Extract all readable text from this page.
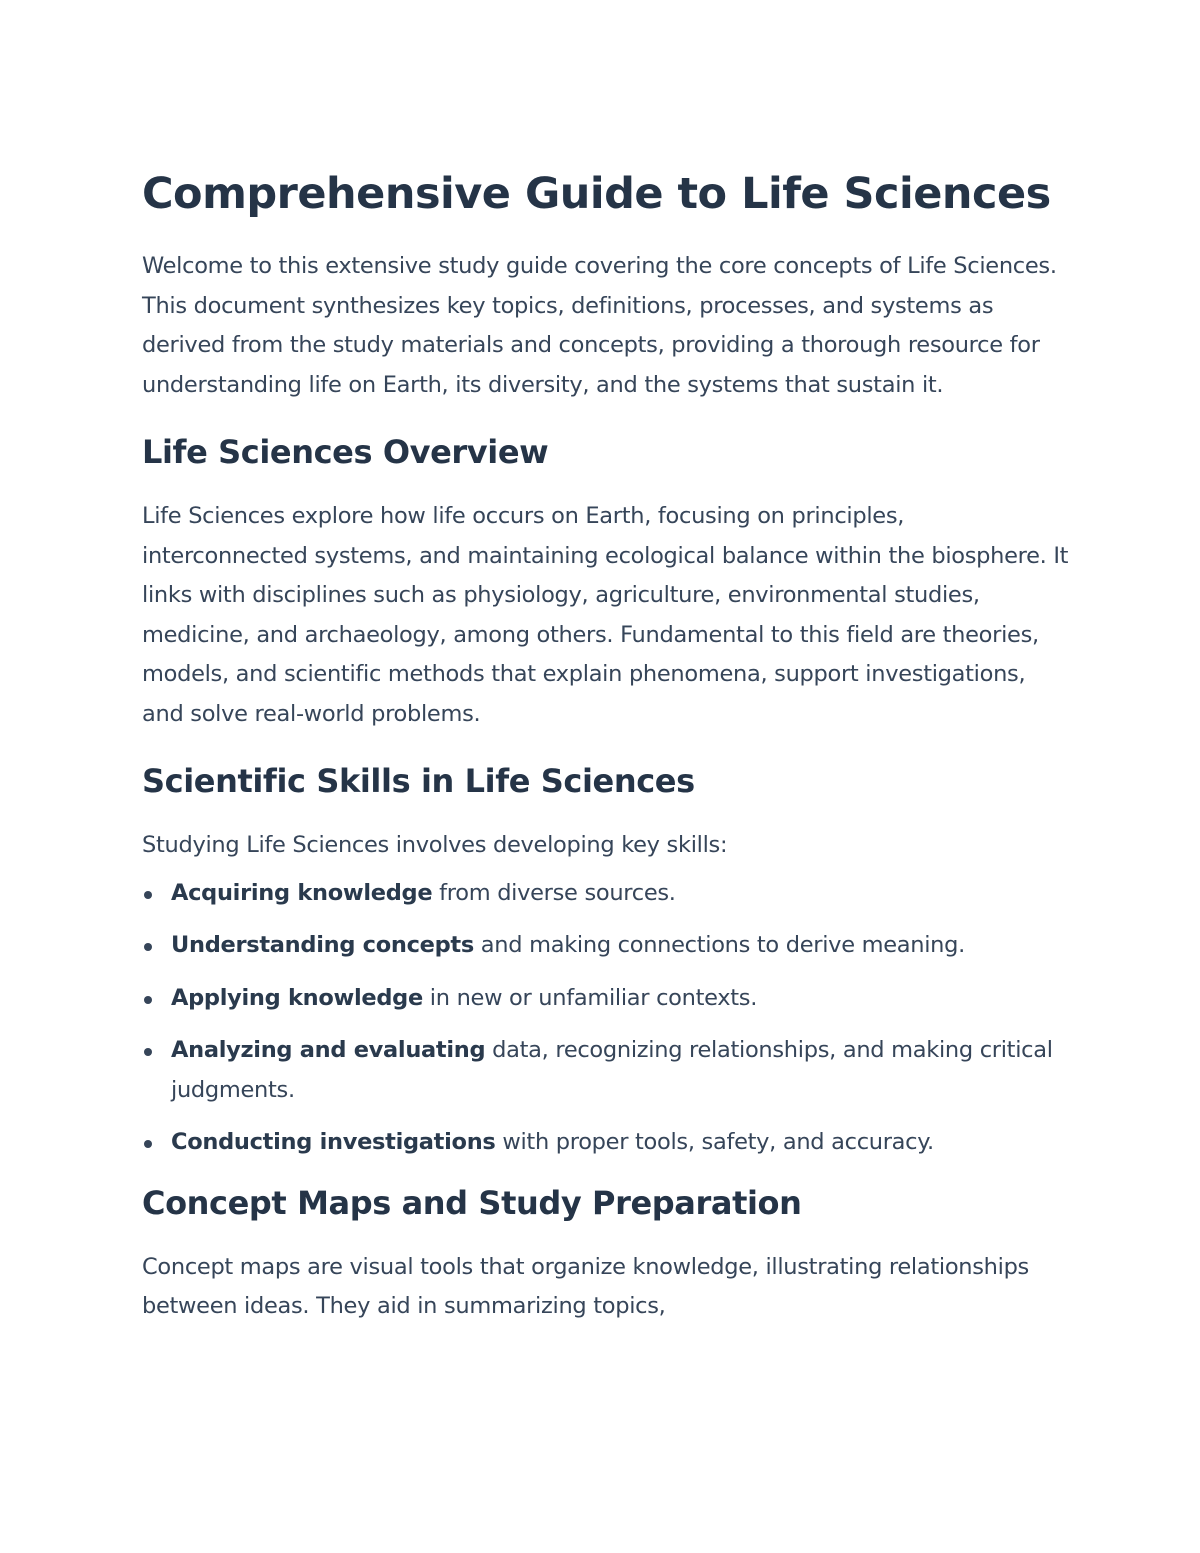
Comprehensive Guide to Life Sciences

Welcome to this extensive study guide covering the core concepts of Life Sciences. This document synthesizes key topics, definitions, processes, and systems as derived from the study materials and concepts, providing a thorough resource for understanding life on Earth, its diversity, and the systems that sustain it.

Life Sciences Overview

Life Sciences explore how life occurs on Earth, focusing on principles, interconnected systems, and maintaining ecological balance within the biosphere. It links with disciplines such as physiology, agriculture, environmental studies, medicine, and archaeology, among others. Fundamental to this field are theories, models, and scientific methods that explain phenomena, support investigations, and solve real-world problems.

Scientific Skills in Life Sciences

Studying Life Sciences involves developing key skills:

Acquiring knowledge from diverse sources.
Understanding concepts and making connections to derive meaning.
Applying knowledge in new or unfamiliar contexts.
Analyzing and evaluating data, recognizing relationships, and making critical judgments.
Conducting investigations with proper tools, safety, and accuracy.
Concept Maps and Study Preparation

Concept maps are visual tools that organize knowledge, illustrating relationships between ideas. They aid in summarizing topics,
